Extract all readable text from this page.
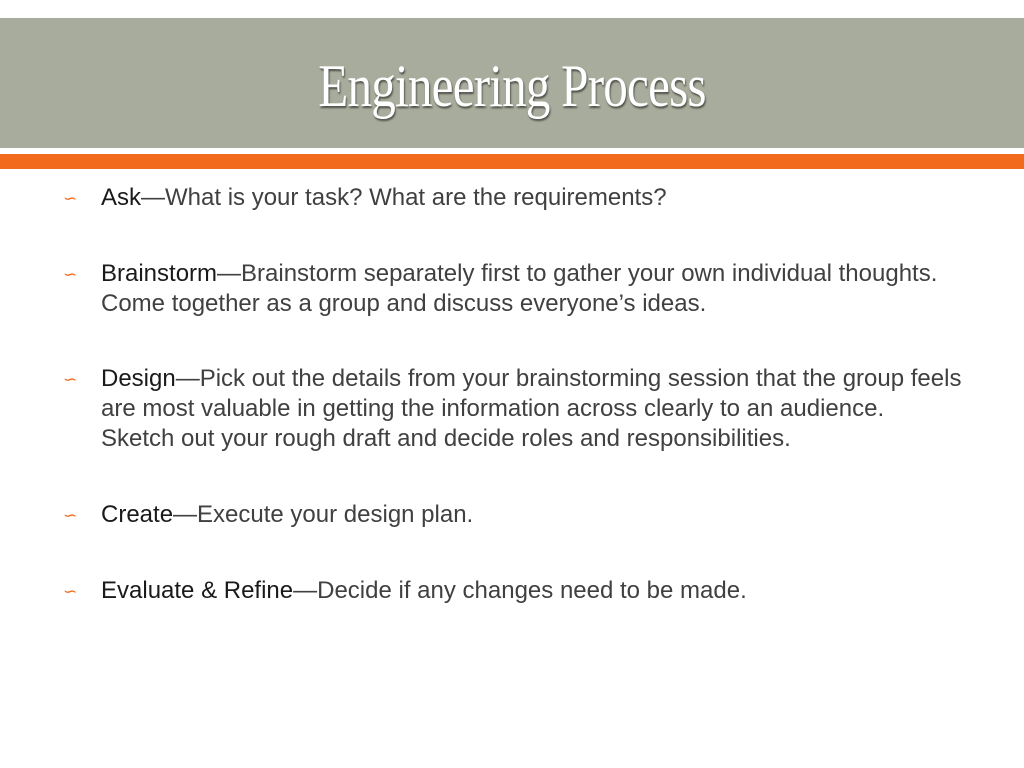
Engineering Process
∽ Ask—What is your task? What are the requirements?
∽ Brainstorm—Brainstorm separately first to gather your own individual thoughts. Come together as a group and discuss everyone’s ideas.
∽ Design—Pick out the details from your brainstorming session that the group feels are most valuable in getting the information across clearly to an audience. Sketch out your rough draft and decide roles and responsibilities.
∽ Create—Execute your design plan.
∽ Evaluate & Refine—Decide if any changes need to be made.
